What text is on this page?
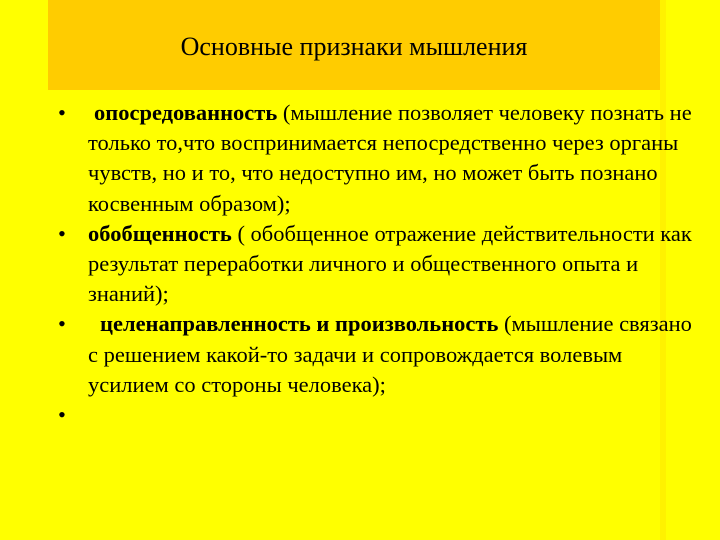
Основные признаки мышления
•	опосредованность (мышление позволяет человеку познать не только то,что воспринимается непосредственно через органы чувств, но и то, что недоступно им, но может быть познано косвенным образом);
• обобщенность ( обобщенное отражение действительности как результат переработки личного и общественного опыта и знаний);
•	целенаправленность и произвольность (мышление связано с решением какой-то задачи и сопровождается волевым усилием со стороны человека);
•
